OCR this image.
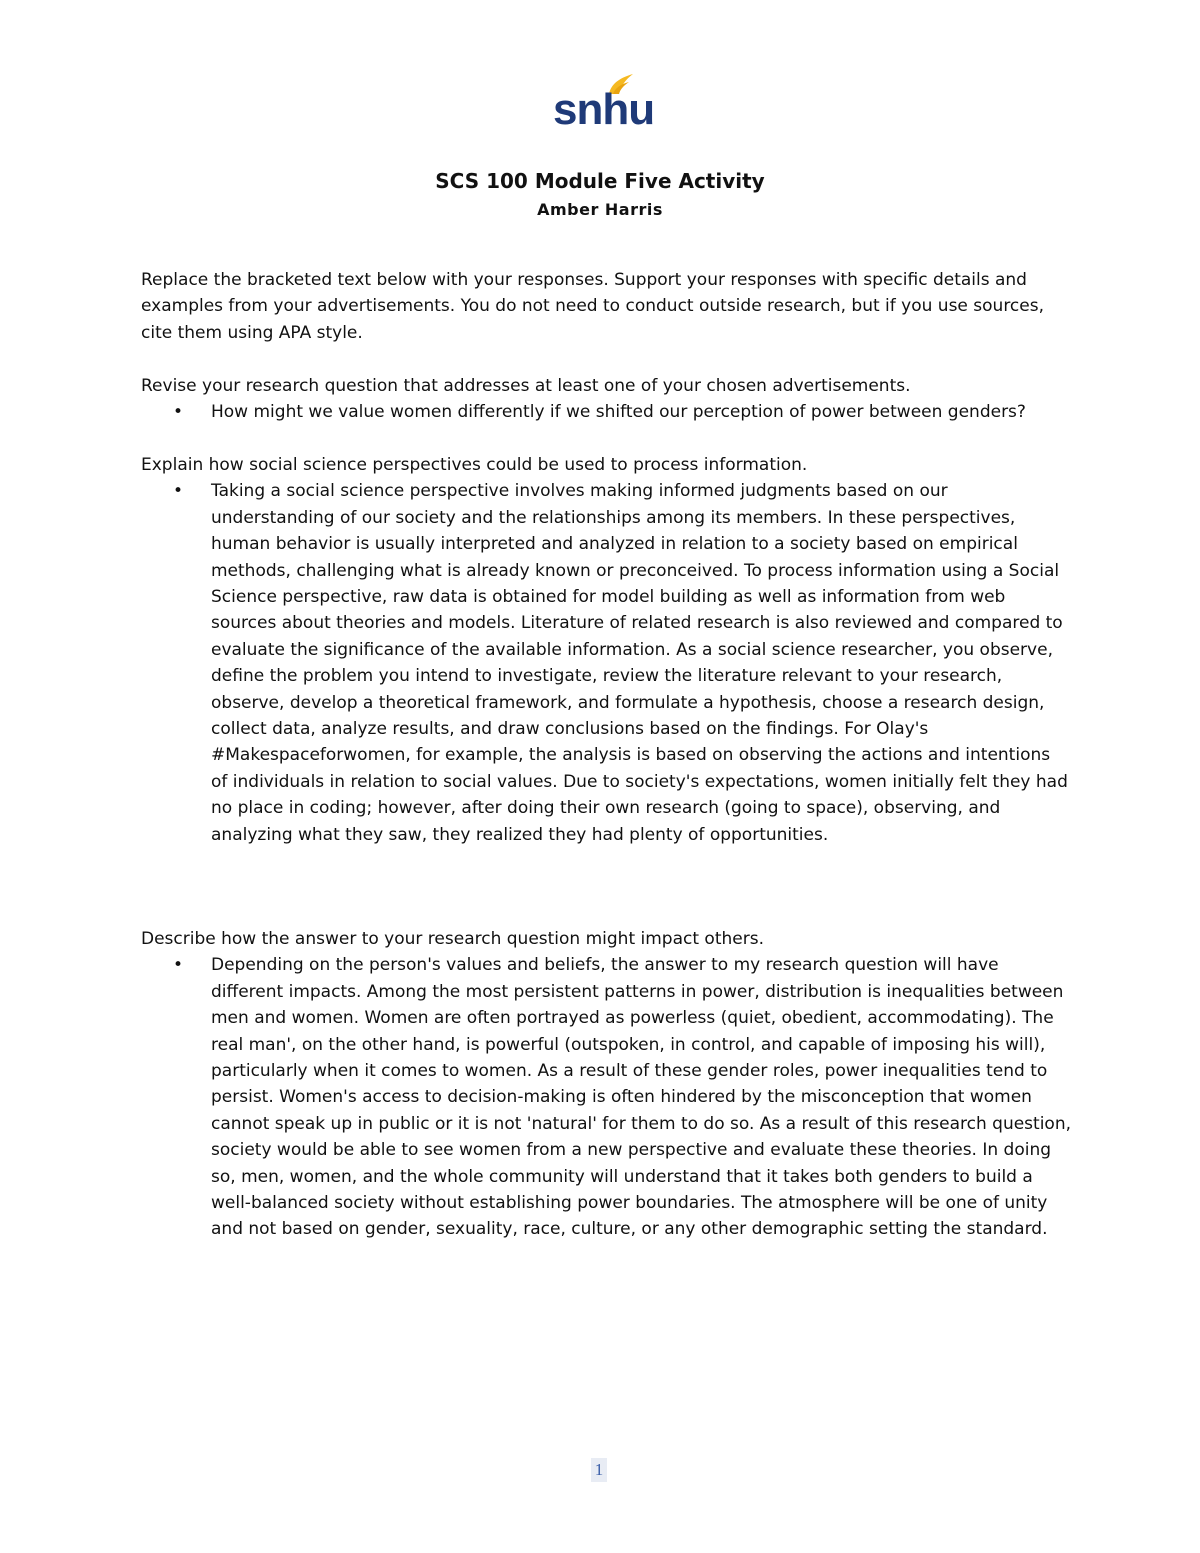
snhu
SCS 100 Module Five Activity
Amber Harris
Replace the bracketed text below with your responses. Support your responses with specific details and examples from your advertisements. You do not need to conduct outside research, but if you use sources, cite them using APA style.

Revise your research question that addresses at least one of your chosen advertisements.

• How might we value women differently if we shifted our perception of power between genders?

Explain how social science perspectives could be used to process information.

• Taking a social science perspective involves making informed judgments based on our understanding of our society and the relationships among its members. In these perspectives, human behavior is usually interpreted and analyzed in relation to a society based on empirical methods, challenging what is already known or preconceived. To process information using a Social Science perspective, raw data is obtained for model building as well as information from web sources about theories and models. Literature of related research is also reviewed and compared to evaluate the significance of the available information. As a social science researcher, you observe, define the problem you intend to investigate, review the literature relevant to your research, observe, develop a theoretical framework, and formulate a hypothesis, choose a research design, collect data, analyze results, and draw conclusions based on the findings. For Olay's #Makespaceforwomen, for example, the analysis is based on observing the actions and intentions of individuals in relation to social values. Due to society's expectations, women initially felt they had no place in coding; however, after doing their own research (going to space), observing, and analyzing what they saw, they realized they had plenty of opportunities.

Describe how the answer to your research question might impact others.

• Depending on the person's values and beliefs, the answer to my research question will have different impacts. Among the most persistent patterns in power, distribution is inequalities between men and women. Women are often portrayed as powerless (quiet, obedient, accommodating). The real man', on the other hand, is powerful (outspoken, in control, and capable of imposing his will), particularly when it comes to women. As a result of these gender roles, power inequalities tend to persist. Women's access to decision-making is often hindered by the misconception that women cannot speak up in public or it is not 'natural' for them to do so. As a result of this research question, society would be able to see women from a new perspective and evaluate these theories. In doing so, men, women, and the whole community will understand that it takes both genders to build a well-balanced society without establishing power boundaries. The atmosphere will be one of unity and not based on gender, sexuality, race, culture, or any other demographic setting the standard.
1
